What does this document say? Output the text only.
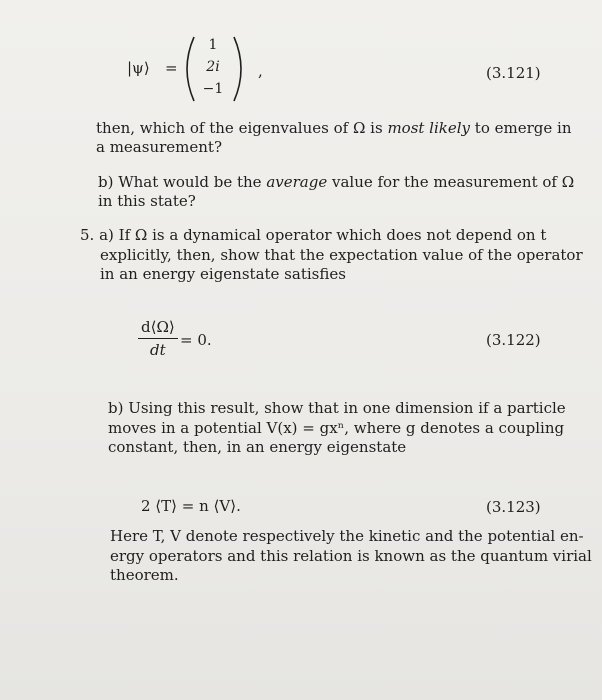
|ψ⟩ =
1
2i
−1
,	(3.121)
then, which of the eigenvalues of Ω is most likely to emerge in
a measurement?
b) What would be the average value for the measurement of Ω
in this state?
5. a) If Ω is a dynamical operator which does not depend on t
explicitly, then, show that the expectation value of the operator
in an energy eigenstate satisfies
$\frac{d⟨\Omega⟩}{dt} = 0$.	(3.122)
b) Using this result, show that in one dimension if a particle
moves in a potential V(x) = gxⁿ, where g denotes a coupling
constant, then, in an energy eigenstate
2 ⟨T⟩ = n ⟨V⟩.	(3.123)
Here T, V denote respectively the kinetic and the potential en-
ergy operators and this relation is known as the quantum virial
theorem.
